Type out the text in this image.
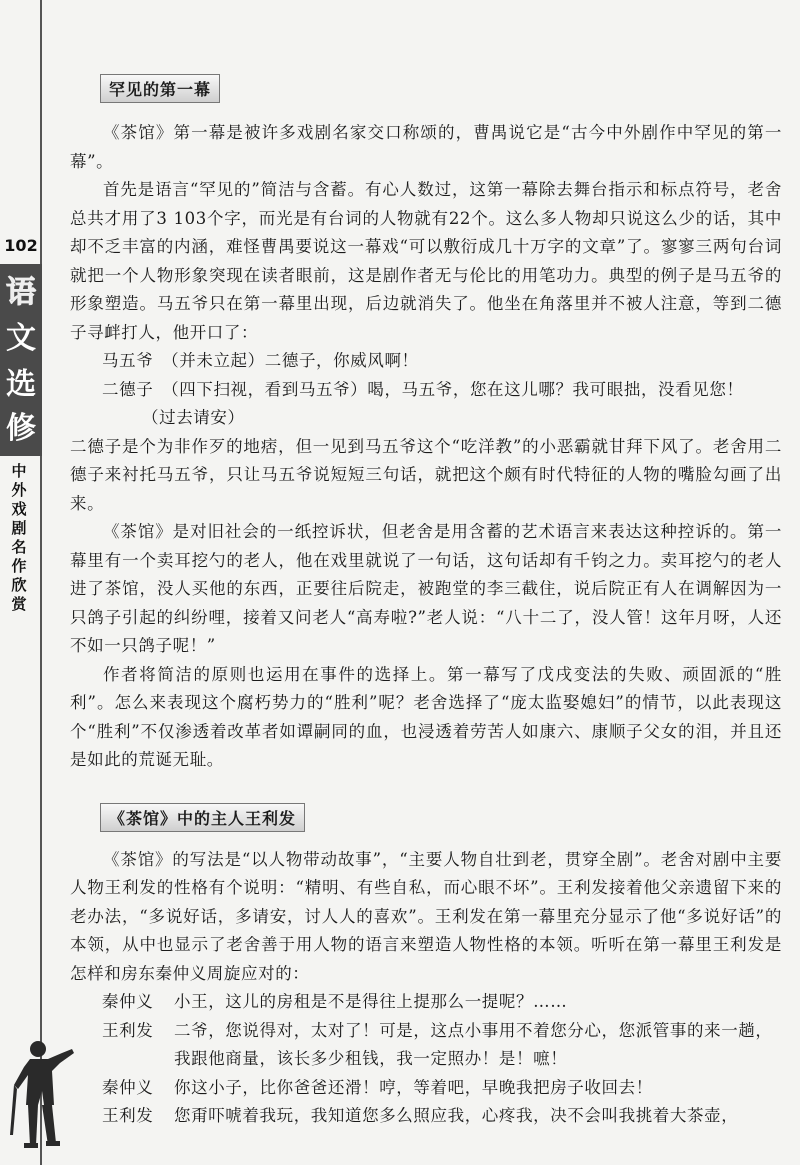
102
语
文
选
修
中
外
戏
剧
名
作
欣
赏
罕见的第一幕

《茶馆》第一幕是被许多戏剧名家交口称颂的，曹禺说它是“古今中外剧作中罕见的第一幕”。

首先是语言“罕见的”简洁与含蓄。有心人数过，这第一幕除去舞台指示和标点符号，老舍总共才用了3 103个字，而光是有台词的人物就有22个。这么多人物却只说这么少的话，其中却不乏丰富的内涵，难怪曹禺要说这一幕戏“可以敷衍成几十万字的文章”了。寥寥三两句台词就把一个人物形象突现在读者眼前，这是剧作者无与伦比的用笔功力。典型的例子是马五爷的形象塑造。马五爷只在第一幕里出现，后边就消失了。他坐在角落里并不被人注意，等到二德子寻衅打人，他开口了：

马五爷　（并未立起）二德子，你威风啊！
二德子　（四下扫视，看到马五爷）喝，马五爷，您在这儿哪？我可眼拙，没看见您！
（过去请安）

二德子是个为非作歹的地痞，但一见到马五爷这个“吃洋教”的小恶霸就甘拜下风了。老舍用二德子来衬托马五爷，只让马五爷说短短三句话，就把这个颇有时代特征的人物的嘴脸勾画了出来。

《茶馆》是对旧社会的一纸控诉状，但老舍是用含蓄的艺术语言来表达这种控诉的。第一幕里有一个卖耳挖勺的老人，他在戏里就说了一句话，这句话却有千钧之力。卖耳挖勺的老人进了茶馆，没人买他的东西，正要往后院走，被跑堂的李三截住，说后院正有人在调解因为一只鸽子引起的纠纷哩，接着又问老人“高寿啦?”老人说：“八十二了，没人管！这年月呀，人还不如一只鸽子呢！”

作者将简洁的原则也运用在事件的选择上。第一幕写了戊戌变法的失败、顽固派的“胜利”。怎么来表现这个腐朽势力的“胜利”呢？老舍选择了“庞太监娶媳妇”的情节，以此表现这个“胜利”不仅渗透着改革者如谭嗣同的血，也浸透着劳苦人如康六、康顺子父女的泪，并且还是如此的荒诞无耻。

《茶馆》中的主人王利发

《茶馆》的写法是“以人物带动故事”，“主要人物自壮到老，贯穿全剧”。老舍对剧中主要人物王利发的性格有个说明：“精明、有些自私，而心眼不坏”。王利发接着他父亲遗留下来的老办法，“多说好话，多请安，讨人人的喜欢”。王利发在第一幕里充分显示了他“多说好话”的本领，从中也显示了老舍善于用人物的语言来塑造人物性格的本领。听听在第一幕里王利发是怎样和房东秦仲义周旋应对的：

秦仲义	小王，这儿的房租是不是得往上提那么一提呢？……
王利发	二爷，您说得对，太对了！可是，这点小事用不着您分心，您派管事的来一趟，我跟他商量，该长多少租钱，我一定照办！是！嗻！
秦仲义	你这小子，比你爸爸还滑！哼，等着吧，早晚我把房子收回去！
王利发	您甭吓唬着我玩，我知道您多么照应我，心疼我，决不会叫我挑着大茶壶，
